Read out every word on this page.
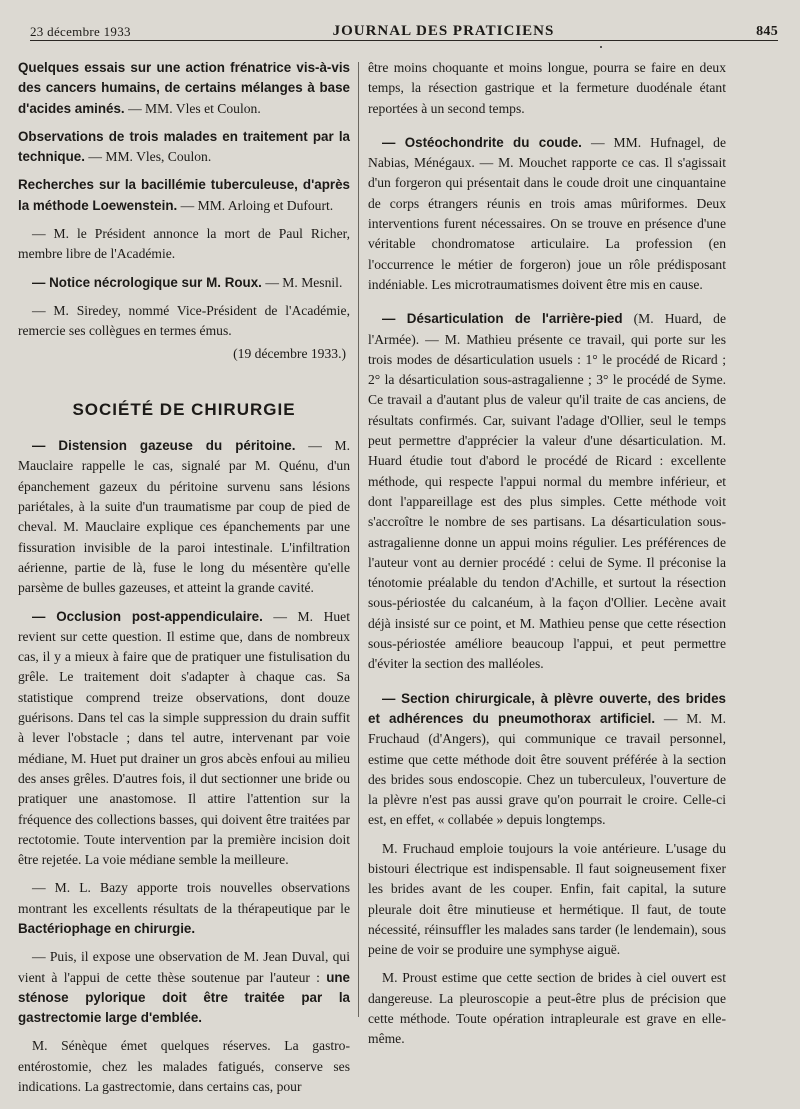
23 décembre 1933	JOURNAL DES PRATICIENS	845

Quelques essais sur une action frénatrice vis-à-vis des cancers humains, de certains mélanges à base d'acides aminés. — MM. Vles et Coulon.

Observations de trois malades en traitement par la technique. — MM. Vles, Coulon.

Recherches sur la bacillémie tuberculeuse, d'après la méthode Loewenstein. — MM. Arloing et Dufourt.

— M. le Président annonce la mort de Paul Richer, membre libre de l'Académie.

— Notice nécrologique sur M. Roux. — M. Mesnil.

— M. Siredey, nommé Vice-Président de l'Académie, remercie ses collègues en termes émus.

(19 décembre 1933.)
SOCIÉTÉ DE CHIRURGIE

— Distension gazeuse du péritoine. — M. Mauclaire rappelle le cas, signalé par M. Quénu, d'un épanchement gazeux du péritoine survenu sans lésions pariétales, à la suite d'un traumatisme par coup de pied de cheval. M. Mauclaire explique ces épanchements par une fissuration invisible de la paroi intestinale. L'infiltration aérienne, partie de là, fuse le long du mésentère qu'elle parsème de bulles gazeuses, et atteint la grande cavité.

— Occlusion post-appendiculaire. — M. Huet revient sur cette question. Il estime que, dans de nombreux cas, il y a mieux à faire que de pratiquer une fistulisation du grêle. Le traitement doit s'adapter à chaque cas. Sa statistique comprend treize observations, dont douze guérisons. Dans tel cas la simple suppression du drain suffit à lever l'obstacle ; dans tel autre, intervenant par voie médiane, M. Huet put drainer un gros abcès enfoui au milieu des anses grêles. D'autres fois, il dut sectionner une bride ou pratiquer une anastomose. Il attire l'attention sur la fréquence des collections basses, qui doivent être traitées par rectotomie. Toute intervention par la première incision doit être rejetée. La voie médiane semble la meilleure.

— M. L. Bazy apporte trois nouvelles observations montrant les excellents résultats de la thérapeutique par le Bactériophage en chirurgie.

— Puis, il expose une observation de M. Jean Duval, qui vient à l'appui de cette thèse soutenue par l'auteur : une sténose pylorique doit être traitée par la gastrectomie large d'emblée.

M. Sénèque émet quelques réserves. La gastro-entérostomie, chez les malades fatigués, conserve ses indications. La gastrectomie, dans certains cas, pour

être moins choquante et moins longue, pourra se faire en deux temps, la résection gastrique et la fermeture duodénale étant reportées à un second temps.

— Ostéochondrite du coude. — MM. Hufnagel, de Nabias, Ménégaux. — M. Mouchet rapporte ce cas. Il s'agissait d'un forgeron qui présentait dans le coude droit une cinquantaine de corps étrangers réunis en trois amas mûriformes. Deux interventions furent nécessaires. On se trouve en présence d'une véritable chondromatose articulaire. La profession (en l'occurrence le métier de forgeron) joue un rôle prédisposant indéniable. Les microtraumatismes doivent être mis en cause.

— Désarticulation de l'arrière-pied (M. Huard, de l'Armée). — M. Mathieu présente ce travail, qui porte sur les trois modes de désarticulation usuels : 1° le procédé de Ricard ; 2° la désarticulation sous-astragalienne ; 3° le procédé de Syme. Ce travail a d'autant plus de valeur qu'il traite de cas anciens, de résultats confirmés. Car, suivant l'adage d'Ollier, seul le temps peut permettre d'apprécier la valeur d'une désarticulation. M. Huard étudie tout d'abord le procédé de Ricard : excellente méthode, qui respecte l'appui normal du membre inférieur, et dont l'appareillage est des plus simples. Cette méthode voit s'accroître le nombre de ses partisans. La désarticulation sous-astragalienne donne un appui moins régulier. Les préférences de l'auteur vont au dernier procédé : celui de Syme. Il préconise la ténotomie préalable du tendon d'Achille, et surtout la résection sous-périostée du calcanéum, à la façon d'Ollier. Lecène avait déjà insisté sur ce point, et M. Mathieu pense que cette résection sous-périostée améliore beaucoup l'appui, et peut permettre d'éviter la section des malléoles.

— Section chirurgicale, à plèvre ouverte, des brides et adhérences du pneumothorax artificiel. — M. M. Fruchaud (d'Angers), qui communique ce travail personnel, estime que cette méthode doit être souvent préférée à la section des brides sous endoscopie. Chez un tuberculeux, l'ouverture de la plèvre n'est pas aussi grave qu'on pourrait le croire. Celle-ci est, en effet, « collabée » depuis longtemps.

M. Fruchaud emploie toujours la voie antérieure. L'usage du bistouri électrique est indispensable. Il faut soigneusement fixer les brides avant de les couper. Enfin, fait capital, la suture pleurale doit être minutieuse et hermétique. Il faut, de toute nécessité, réinsuffler les malades sans tarder (le lendemain), sous peine de voir se produire une symphyse aiguë.

M. Proust estime que cette section de brides à ciel ouvert est dangereuse. La pleuroscopie a peut-être plus de précision que cette méthode. Toute opération intrapleurale est grave en elle-même.
